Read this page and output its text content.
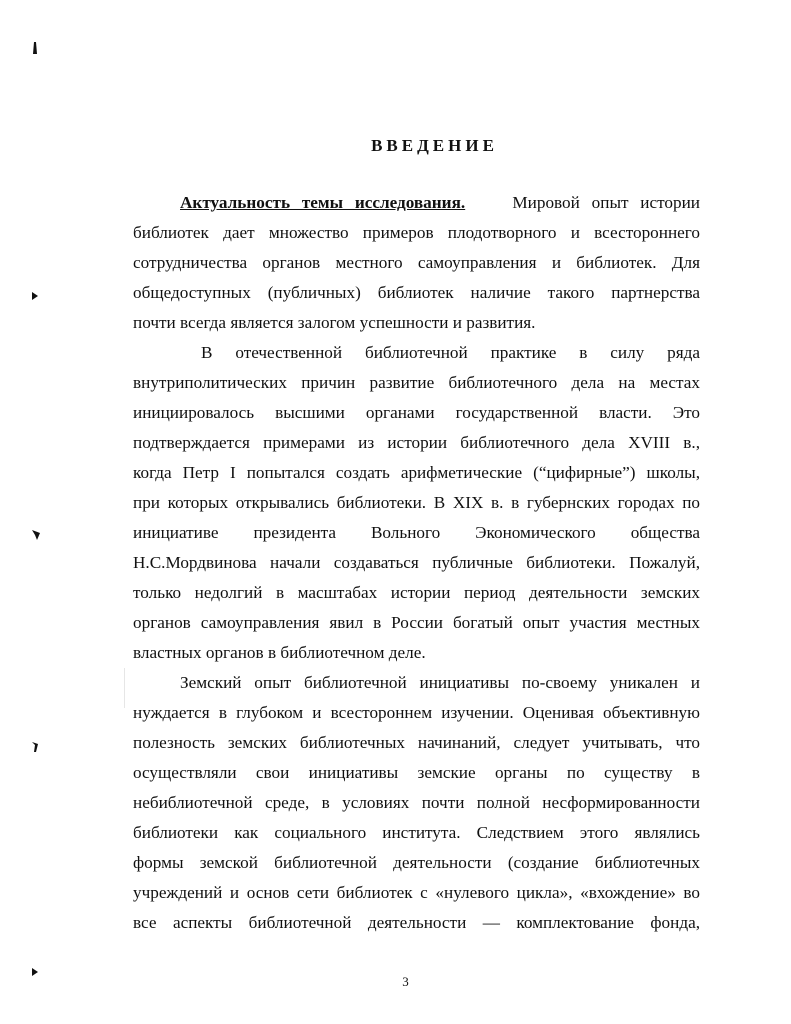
ВВЕДЕНИЕ
Актуальность темы исследования.	Мировой опыт истории
библиотек дает множество примеров плодотворного и всестороннего
сотрудничества органов местного самоуправления и библиотек. Для
общедоступных (публичных) библиотек наличие такого партнерства
почти всегда является залогом успешности и развития.
В отечественной библиотечной практике в силу ряда
внутриполитических причин развитие библиотечного дела на местах
инициировалось высшими органами государственной власти. Это
подтверждается примерами из истории библиотечного дела XVIII в.,
когда Петр I попытался создать арифметические (“цифирные”) школы,
при которых открывались библиотеки. В XIX в. в губернских городах по
инициативе президента Вольного Экономического общества
Н.С.Мордвинова начали создаваться публичные библиотеки. Пожалуй,
только недолгий в масштабах истории период деятельности земских
органов самоуправления явил в России богатый опыт участия местных
властных органов в библиотечном деле.
Земский опыт библиотечной инициативы по-своему уникален и
нуждается в глубоком и всестороннем изучении. Оценивая объективную
полезность земских библиотечных начинаний, следует учитывать, что
осуществляли свои инициативы земские органы по существу в
небиблиотечной среде, в условиях почти полной несформированности
библиотеки как социального института. Следствием этого являлись
формы земской библиотечной деятельности (создание библиотечных
учреждений и основ сети библиотек с «нулевого цикла», «вхождение» во
все аспекты библиотечной деятельности — комплектование фонда,
3
